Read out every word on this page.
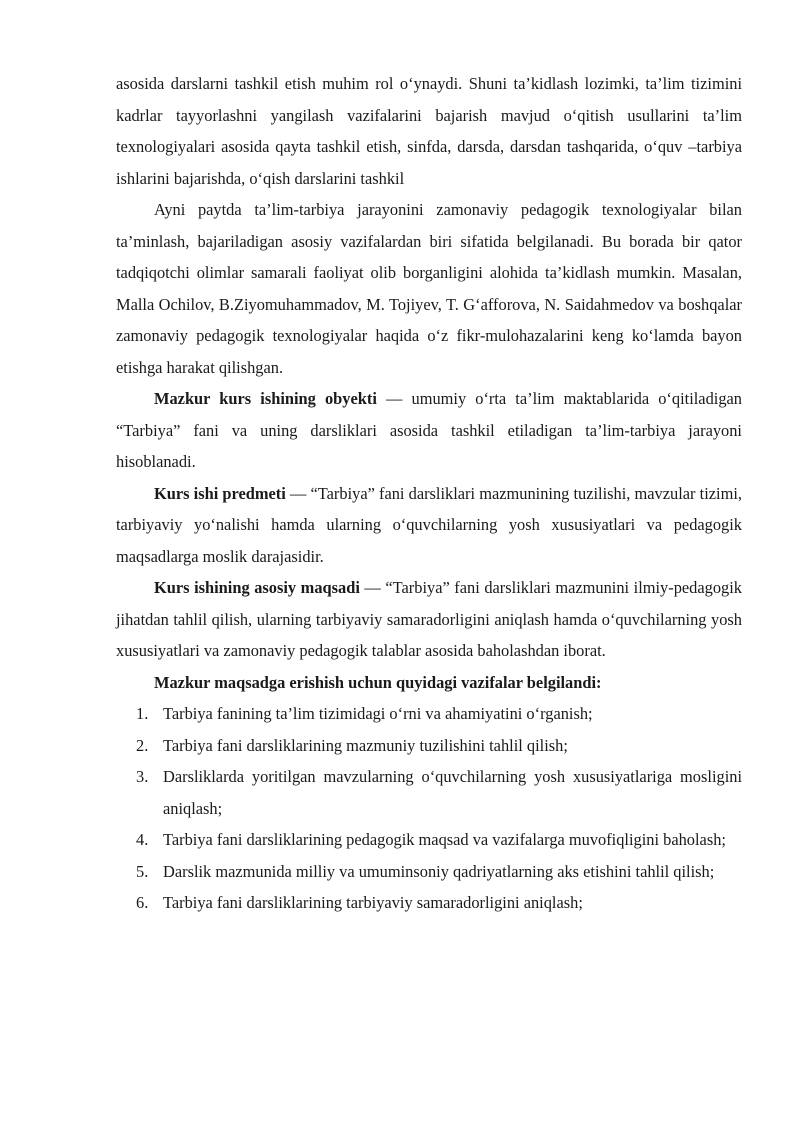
asosida darslarni tashkil etish muhim rol o‘ynaydi. Shuni ta’kidlash lozimki, ta’lim tizimini kadrlar tayyorlashni yangilash vazifalarini bajarish mavjud o‘qitish usullarini ta’lim texnologiyalari asosida qayta tashkil etish, sinfda, darsda, darsdan tashqarida, o‘quv –tarbiya ishlarini bajarishda, o‘qish darslarini tashkil

Ayni paytda ta’lim-tarbiya jarayonini zamonaviy pedagogik texnologiyalar bilan ta’minlash, bajariladigan asosiy vazifalardan biri sifatida belgilanadi. Bu borada bir qator tadqiqotchi olimlar samarali faoliyat olib borganligini alohida ta’kidlash mumkin. Masalan, Malla Ochilov, B.Ziyomuhammadov, M. Tojiyev, T. G‘afforova, N. Saidahmedov va boshqalar zamonaviy pedagogik texnologiyalar haqida o‘z fikr-mulohazalarini keng ko‘lamda bayon etishga harakat qilishgan.

Mazkur kurs ishining obyekti — umumiy o‘rta ta’lim maktablarida o‘qitiladigan “Tarbiya” fani va uning darsliklari asosida tashkil etiladigan ta’lim-tarbiya jarayoni hisoblanadi.

Kurs ishi predmeti — “Tarbiya” fani darsliklari mazmunining tuzilishi, mavzular tizimi, tarbiyaviy yo‘nalishi hamda ularning o‘quvchilarning yosh xususiyatlari va pedagogik maqsadlarga moslik darajasidir.

Kurs ishining asosiy maqsadi — “Tarbiya” fani darsliklari mazmunini ilmiy-pedagogik jihatdan tahlil qilish, ularning tarbiyaviy samaradorligini aniqlash hamda o‘quvchilarning yosh xususiyatlari va zamonaviy pedagogik talablar asosida baholashdan iborat.

Mazkur maqsadga erishish uchun quyidagi vazifalar belgilandi:

1. Tarbiya fanining ta’lim tizimidagi o‘rni va ahamiyatini o‘rganish;
2. Tarbiya fani darsliklarining mazmuniy tuzilishini tahlil qilish;
3. Darsliklarda yoritilgan mavzularning o‘quvchilarning yosh xususiyatlariga mosligini aniqlash;
4. Tarbiya fani darsliklarining pedagogik maqsad va vazifalarga muvofiqligini baholash;
5. Darslik mazmunida milliy va umuminsoniy qadriyatlarning aks etishini tahlil qilish;
6. Tarbiya fani darsliklarining tarbiyaviy samaradorligini aniqlash;
